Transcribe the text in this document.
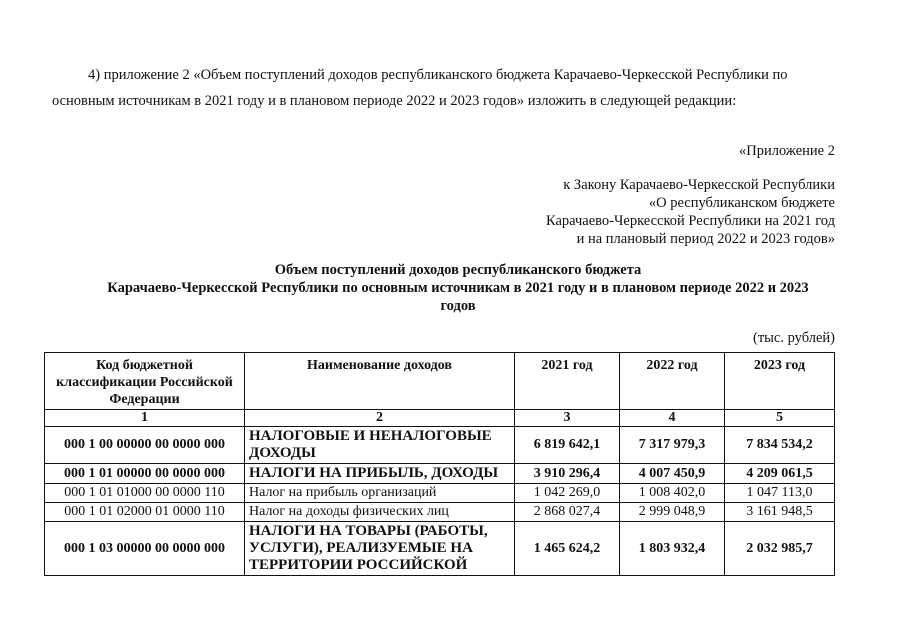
4) приложение 2 «Объем поступлений доходов республиканского бюджета Карачаево-Черкесской Республики по основным источникам в 2021 году и в плановом периоде 2022 и 2023 годов» изложить в следующей редакции:
«Приложение 2
к Закону Карачаево-Черкесской Республики
«О республиканском бюджете
Карачаево-Черкесской Республики на 2021 год
и на плановый период 2022 и 2023 годов»
Объем поступлений доходов республиканского бюджета
Карачаево-Черкесской Республики по основным источникам в 2021 году и в плановом периоде 2022 и 2023
годов
(тыс. рублей)
Код бюджетной классификации Российской Федерации	Наименование доходов	2021 год	2022 год	2023 год
1	2	3	4	5
000 1 00 00000 00 0000 000	НАЛОГОВЫЕ И НЕНАЛОГОВЫЕ ДОХОДЫ	6 819 642,1	7 317 979,3	7 834 534,2
000 1 01 00000 00 0000 000	НАЛОГИ НА ПРИБЫЛЬ, ДОХОДЫ	3 910 296,4	4 007 450,9	4 209 061,5
000 1 01 01000 00 0000 110	Налог на прибыль организаций	1 042 269,0	1 008 402,0	1 047 113,0
000 1 01 02000 01 0000 110	Налог на доходы физических лиц	2 868 027,4	2 999 048,9	3 161 948,5
000 1 03 00000 00 0000 000	НАЛОГИ НА ТОВАРЫ (РАБОТЫ, УСЛУГИ), РЕАЛИЗУЕМЫЕ НА ТЕРРИТОРИИ РОССИЙСКОЙ	1 465 624,2	1 803 932,4	2 032 985,7
